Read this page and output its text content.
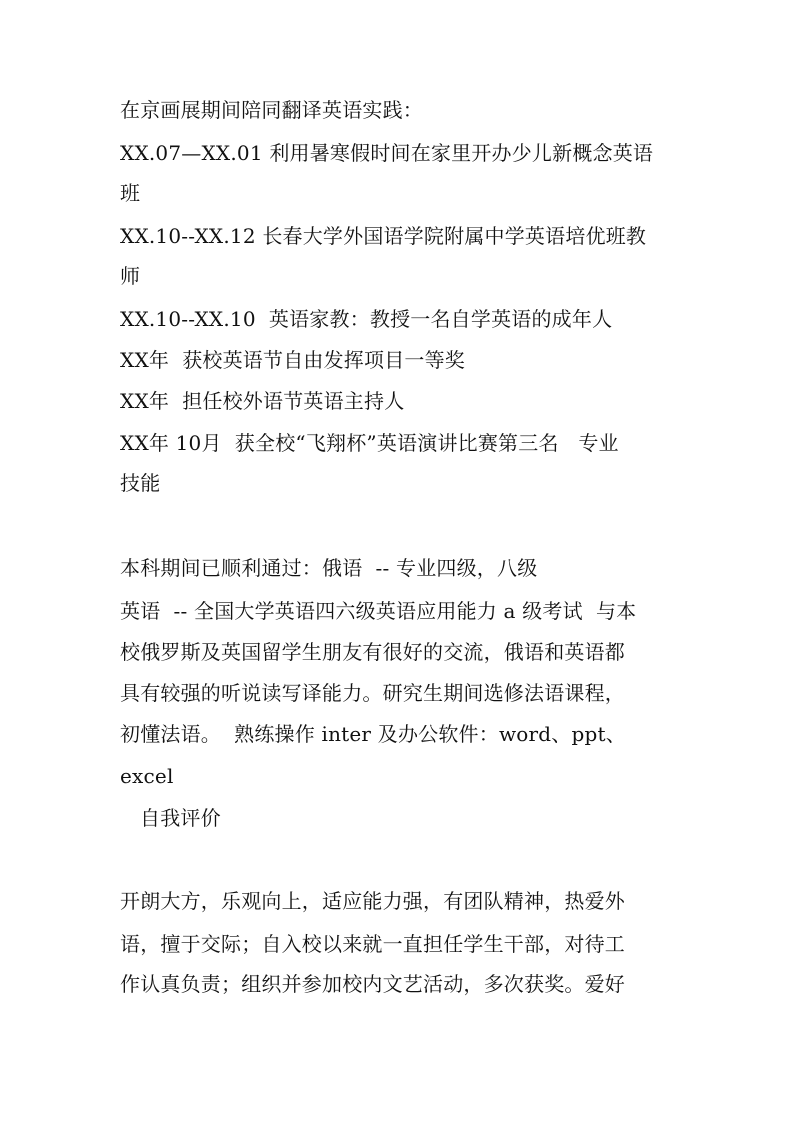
在京画展期间陪同翻译英语实践：
XX.07—XX.01 利用暑寒假时间在家里开办少儿新概念英语
班
XX.10--XX.12 长春大学外国语学院附属中学英语培优班教
师
XX.10--XX.10  英语家教：教授一名自学英语的成年人
XX年  获校英语节自由发挥项目一等奖
XX年  担任校外语节英语主持人
XX年 10月  获全校“飞翔杯”英语演讲比赛第三名   专业
技能
本科期间已顺利通过：俄语  -- 专业四级，八级
英语  -- 全国大学英语四六级英语应用能力 a 级考试  与本
校俄罗斯及英国留学生朋友有很好的交流，俄语和英语都
具有较强的听说读写译能力。研究生期间选修法语课程，
初懂法语。  熟练操作 inter 及办公软件：word、ppt、
excel
自我评价
开朗大方，乐观向上，适应能力强，有团队精神，热爱外
语，擅于交际；自入校以来就一直担任学生干部，对待工
作认真负责；组织并参加校内文艺活动，多次获奖。爱好
